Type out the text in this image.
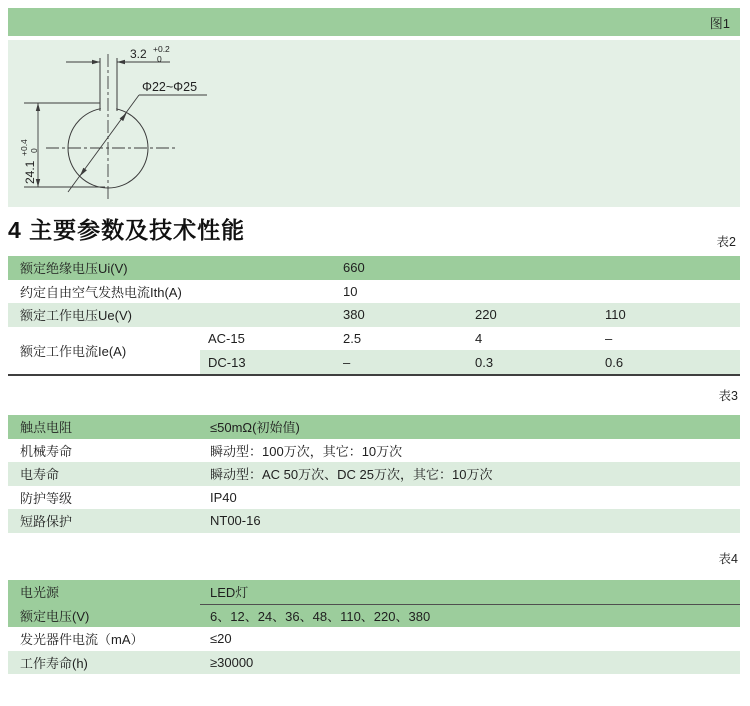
图1
3.2 +0.2
0
Φ22~Φ25
24.1
+0.4 0
4 主要参数及技术性能	表2
额定绝缘电压Ui(V)	660
约定自由空气发热电流Ith(A)	10
额定工作电压Ue(V)	380	220	110
额定工作电流Ie(A)
AC-15	2.5	4	–
DC-13	–	0.3	0.6
表3
触点电阻	≤50mΩ(初始值)
机械寿命	瞬动型：100万次，其它：10万次
电寿命	瞬动型：AC 50万次、DC 25万次，其它：10万次
防护等级	IP40
短路保护	NT00-16
表4
电光源	LED灯
额定电压(V)	6、12、24、36、48、110、220、380
发光器件电流（mA）	≤20
工作寿命(h)	≥30000
